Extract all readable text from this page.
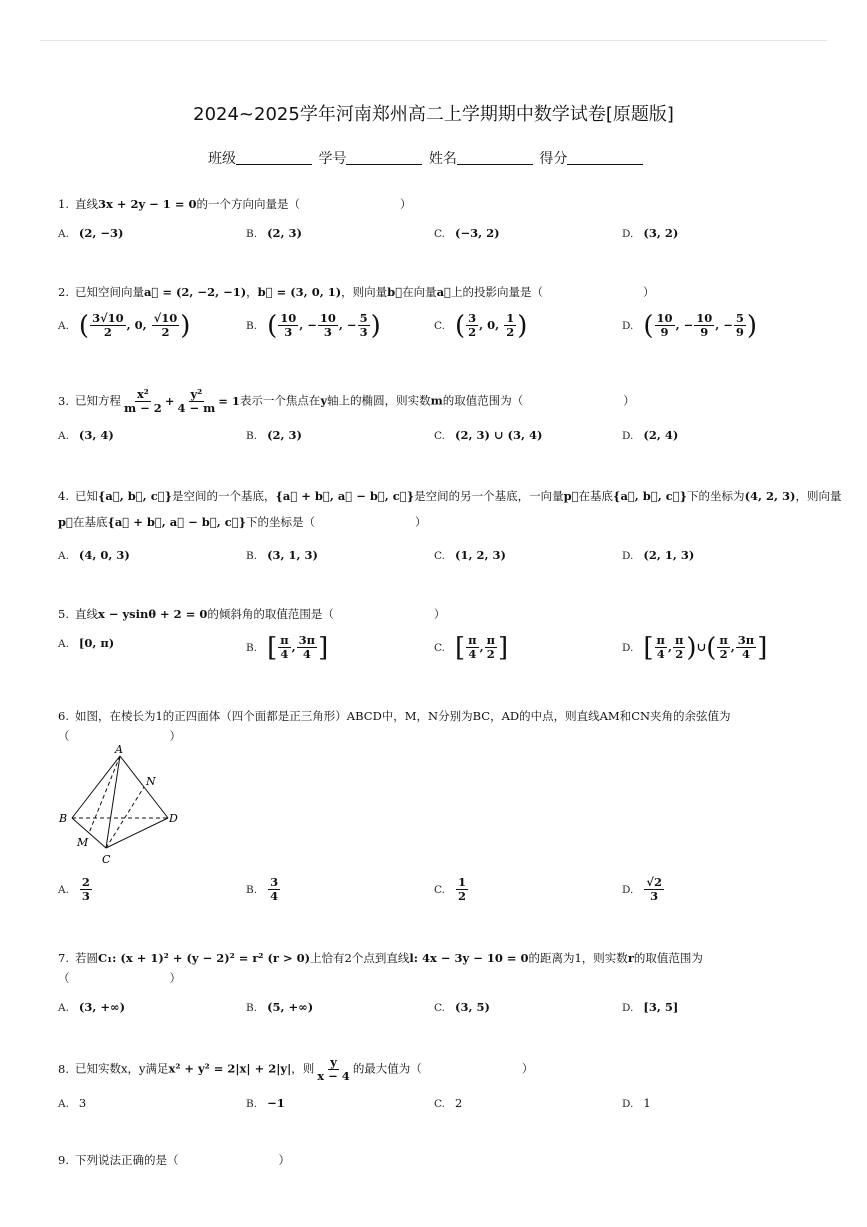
2024~2025学年河南郑州高二上学期期中数学试卷[原题版]
班级	学号	姓名	得分
1. 直线3x + 2y − 1 = 0的一个方向向量是（	）
A. (2, −3)	B. (2, 3)	C. (−3, 2)	D. (3, 2)
2. 已知空间向量a⃗ = (2, −2, −1)，b⃗ = (3, 0, 1)，则向量b⃗在向量a⃗上的投影向量是（	）
A. ( $\frac{3√10}{2}$ , 0, $\frac{√10}{2}$ )	B. ( $\frac{10}{3}$ , − $\frac{10}{3}$ , − $\frac{5}{3}$ )	C. ( $\frac{3}{2}$ , 0, $\frac{1}{2}$ )	D. ( $\frac{10}{9}$ , − $\frac{10}{9}$ , − $\frac{5}{9}$ )
3. 已知方程 $\frac{\text{x²}}{m - 2} + \frac{\text{y²}}{4 - m} = 1$表示一个焦点在y轴上的椭圆，则实数m的取值范围为（	）
A. (3, 4)	B. (2, 3)	C. (2, 3) ∪ (3, 4)	D. (2, 4)
4. 已知{a⃗, b⃗, c⃗}是空间的一个基底，{a⃗ + b⃗, a⃗ − b⃗, c⃗}是空间的另一个基底，一向量p⃗在基底{a⃗, b⃗, c⃗}下的坐标为(4, 2, 3)，则向量
p⃗在基底{a⃗ + b⃗, a⃗ − b⃗, c⃗}下的坐标是（	）
A. (4, 0, 3)	B. (3, 1, 3)	C. (1, 2, 3)	D. (2, 1, 3)
5. 直线x − ysinθ + 2 = 0的倾斜角的取值范围是（	）
A. [0, π)	B. [ $\frac{\pi}{4}$ , $\frac{3\pi}{4}$ ]	C. [ $\frac{\pi}{4}$ , $\frac{\pi}{2}$ ]	D. [ $\frac{\pi}{4}$ , $\frac{\pi}{2}$ )∪( $\frac{\pi}{2}$ , $\frac{3\pi}{4}$ ]
6. 如图，在棱长为1的正四面体（四个面都是正三角形）ABCD中，M，N分别为BC，AD的中点，则直线AM和CN夹角的余弦值为
（	）
A
N
B	D
M
C
A. $\frac{2}{3}$	B. $\frac{3}{4}$	C. $\frac{1}{2}$	D. $\frac{√2}{3}$
7. 若圆C₁: (x + 1)² + (y − 2)² = r² (r > 0)上恰有2个点到直线l: 4x − 3y − 10 = 0的距离为1，则实数r的取值范围为
（	）
A. (3, +∞)	B. (5, +∞)	C. (3, 5)	D. [3, 5]
8. 已知实数x，y满足x² + y² = 2|x| + 2|y|，则 $\frac{y}{x - 4}$ 的最大值为（	）
A. 3	B. −1	C. 2	D. 1
9. 下列说法正确的是（	）
